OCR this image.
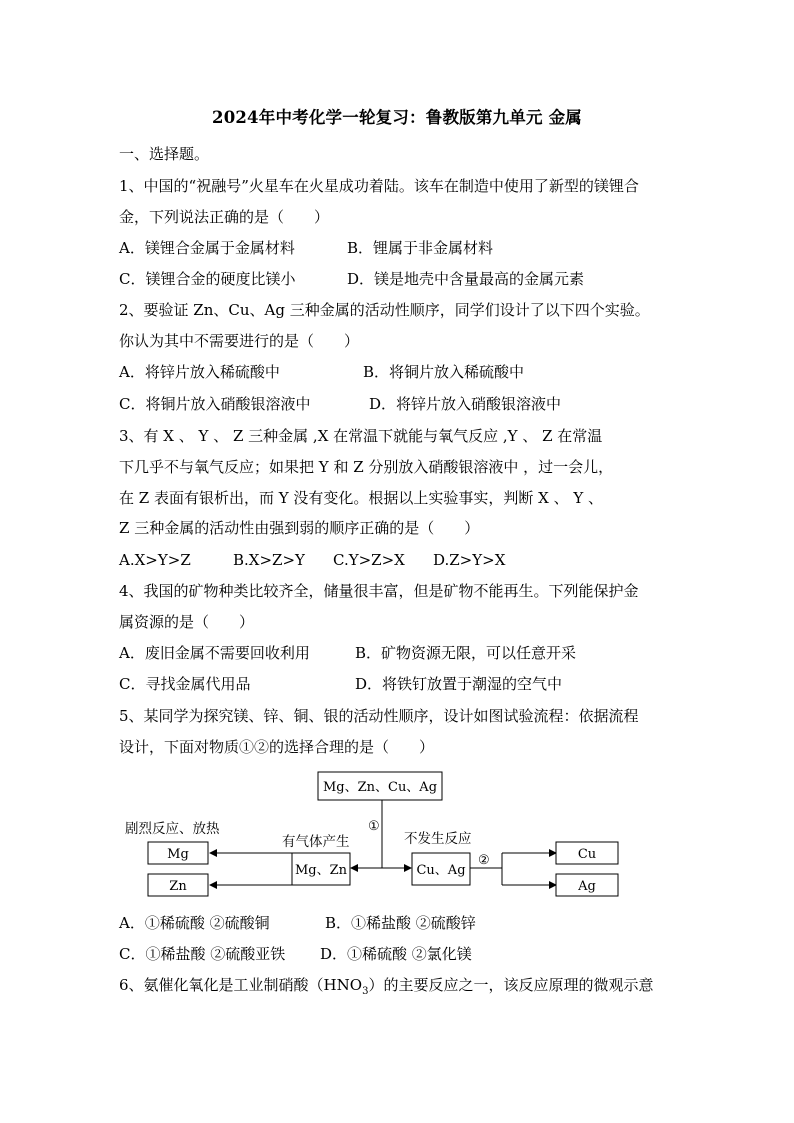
2024年中考化学一轮复习：鲁教版第九单元 金属
一、选择题。
1、中国的“祝融号”火星车在火星成功着陆。该车在制造中使用了新型的镁锂合
金，下列说法正确的是（　　）
A．镁锂合金属于金属材料	B．锂属于非金属材料
C．镁锂合金的硬度比镁小	D．镁是地壳中含量最高的金属元素
2、要验证 Zn、Cu、Ag 三种金属的活动性顺序，同学们设计了以下四个实验。
你认为其中不需要进行的是（　　）
A．将锌片放入稀硫酸中	B．将铜片放入稀硫酸中
C．将铜片放入硝酸银溶液中	D．将锌片放入硝酸银溶液中
3、有 X 、 Y 、 Z 三种金属 ,X 在常温下就能与氧气反应 ,Y 、 Z 在常温
下几乎不与氧气反应；如果把 Y 和 Z 分别放入硝酸银溶液中 ，过一会儿，
在 Z 表面有银析出，而 Y 没有变化。根据以上实验事实，判断 X 、 Y 、
Z 三种金属的活动性由强到弱的顺序正确的是（　　）
A.X>Y>Z	B.X>Z>Y C.Y>Z>X D.Z>Y>X
4、我国的矿物种类比较齐全，储量很丰富，但是矿物不能再生。下列能保护金
属资源的是（　　）
A．废旧金属不需要回收利用	B．矿物资源无限，可以任意开采
C．寻找金属代用品	D．将铁钉放置于潮湿的空气中
5、某同学为探究镁、锌、铜、银的活动性顺序，设计如图试验流程：依据流程
设计，下面对物质①②的选择合理的是（　　）
Mg、Zn、Cu、Ag
①
有气体产生	不发生反应
剧烈反应、放热
Mg、Zn	Cu、Ag
Mg
Zn
②	Cu
Ag
A．①稀硫酸 ②硫酸铜	B．①稀盐酸 ②硫酸锌
C．①稀盐酸 ②硫酸亚铁 D．①稀硫酸 ②氯化镁
6、氨催化氧化是工业制硝酸$(HNO_3)$的主要反应之一，该反应原理的微观示意
